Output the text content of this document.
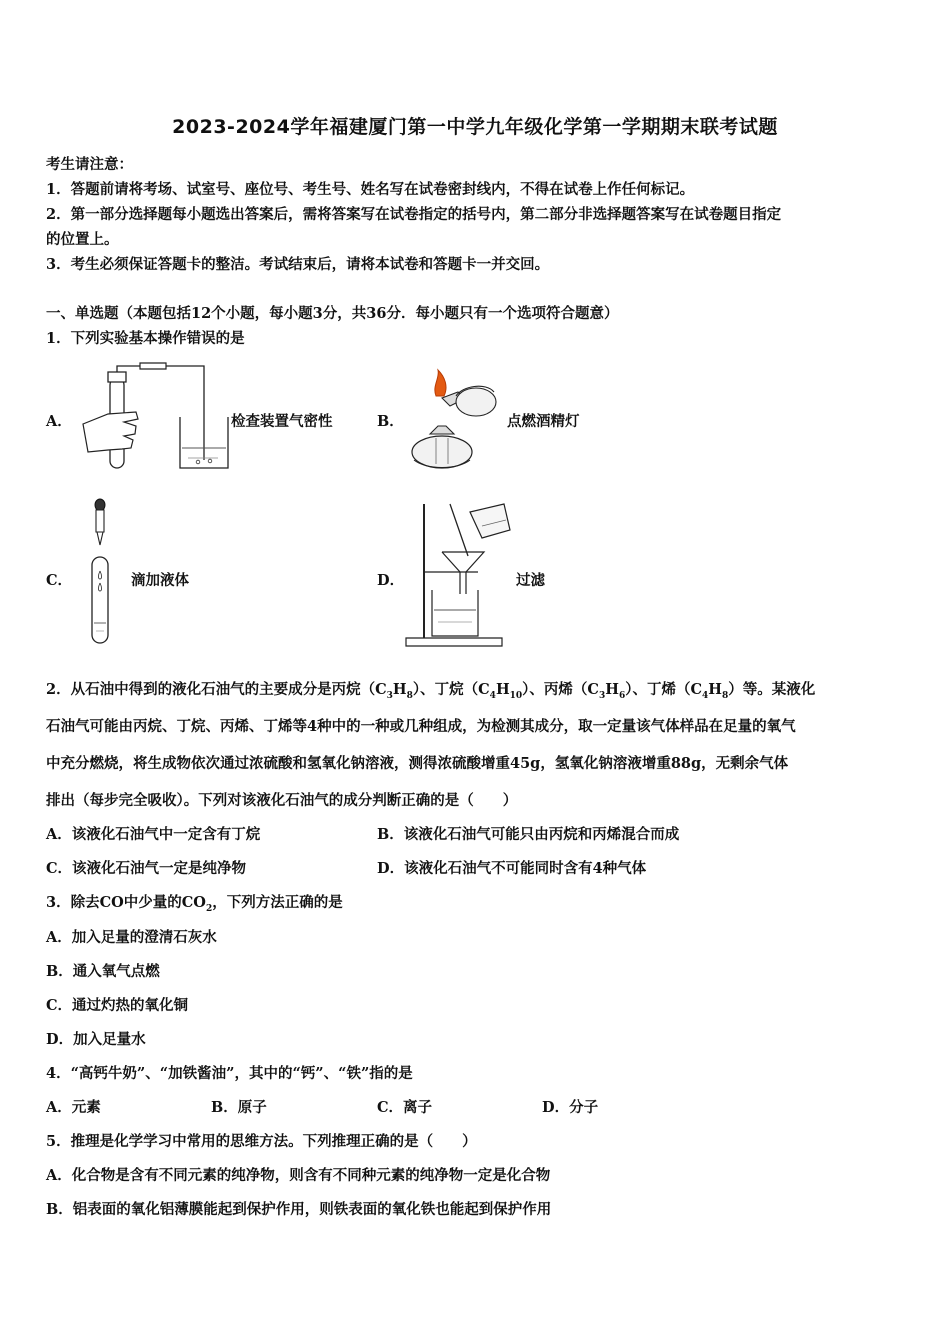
2023-2024学年福建厦门第一中学九年级化学第一学期期末联考试题
考生请注意：
1．答题前请将考场、试室号、座位号、考生号、姓名写在试卷密封线内，不得在试卷上作任何标记。
2．第一部分选择题每小题选出答案后，需将答案写在试卷指定的括号内，第二部分非选择题答案写在试卷题目指定
的位置上。
3．考生必须保证答题卡的整洁。考试结束后，请将本试卷和答题卡一并交回。
一、单选题（本题包括12个小题，每小题3分，共36分．每小题只有一个选项符合题意）
1．下列实验基本操作错误的是
A．	检查装置气密性	B．	点燃酒精灯
C．	滴加液体	D．	过滤
2．从石油中得到的液化石油气的主要成分是丙烷$(C_3H_8)$、丁烷$(C_4H_{10})$、丙烯$(C_3H_6)$、丁烯$(C_4H_8)$等。某液化
石油气可能由丙烷、丁烷、丙烯、丁烯等4种中的一种或几种组成，为检测其成分，取一定量该气体样品在足量的氧气
中充分燃烧，将生成物依次通过浓硫酸和氢氧化钠溶液，测得浓硫酸增重45g，氢氧化钠溶液增重88g，无剩余气体
排出（每步完全吸收）。下列对该液化石油气的成分判断正确的是（　　）
A．该液化石油气中一定含有丁烷	B．该液化石油气可能只由丙烷和丙烯混合而成
C．该液化石油气一定是纯净物	D．该液化石油气不可能同时含有4种气体
3．除去CO中少量的$CO_2$，下列方法正确的是
A．加入足量的澄清石灰水
B．通入氧气点燃
C．通过灼热的氧化铜
D．加入足量水
4．“高钙牛奶”、“加铁酱油”，其中的“钙”、“铁”指的是
A．元素	B．原子	C．离子	D．分子
5．推理是化学学习中常用的思维方法。下列推理正确的是（　　）
A．化合物是含有不同元素的纯净物，则含有不同种元素的纯净物一定是化合物
B．铝表面的氧化铝薄膜能起到保护作用，则铁表面的氧化铁也能起到保护作用
